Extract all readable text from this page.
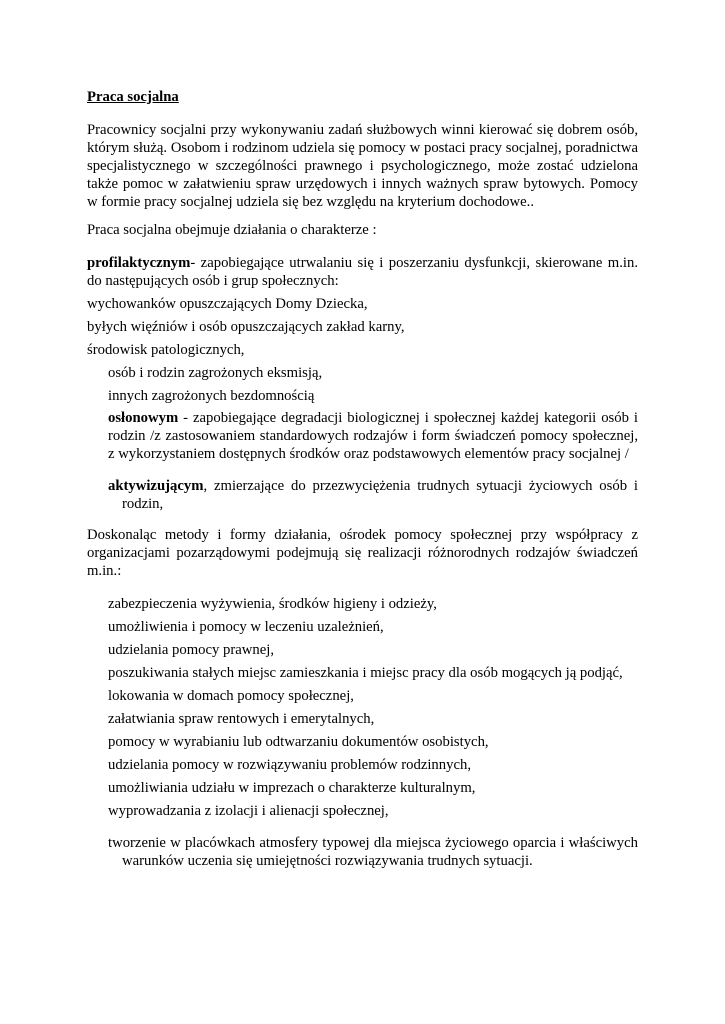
Praca socjalna
Pracownicy socjalni przy wykonywaniu zadań służbowych winni kierować się dobrem osób, którym służą. Osobom i rodzinom udziela się pomocy w postaci pracy socjalnej, poradnictwa specjalistycznego w szczególności prawnego i psychologicznego, może zostać udzielona także pomoc w załatwieniu spraw urzędowych i innych ważnych spraw bytowych. Pomocy w formie pracy socjalnej udziela się bez względu na kryterium dochodowe..
Praca socjalna obejmuje działania o charakterze :
profilaktycznym- zapobiegające utrwalaniu się i poszerzaniu dysfunkcji, skierowane m.in. do następujących osób i grup społecznych:
wychowanków opuszczających Domy Dziecka,
byłych więźniów i osób opuszczających zakład karny,
środowisk patologicznych,
osób i rodzin zagrożonych eksmisją,
innych zagrożonych bezdomnością
osłonowym - zapobiegające degradacji biologicznej i społecznej każdej kategorii osób i rodzin /z zastosowaniem standardowych rodzajów i form świadczeń pomocy społecznej, z wykorzystaniem dostępnych środków oraz podstawowych elementów pracy socjalnej /
aktywizującym, zmierzające do przezwyciężenia trudnych sytuacji życiowych osób i rodzin,
Doskonaląc metody i formy działania, ośrodek pomocy społecznej przy współpracy z organizacjami pozarządowymi podejmują się realizacji różnorodnych rodzajów świadczeń m.in.:
zabezpieczenia wyżywienia, środków higieny i odzieży,
umożliwienia i pomocy w leczeniu uzależnień,
udzielania pomocy prawnej,
poszukiwania stałych miejsc zamieszkania i miejsc pracy dla osób mogących ją podjąć,
lokowania w domach pomocy społecznej,
załatwiania spraw rentowych i emerytalnych,
pomocy w wyrabianiu lub odtwarzaniu dokumentów osobistych,
udzielania pomocy w rozwiązywaniu problemów rodzinnych,
umożliwiania udziału w imprezach o charakterze kulturalnym,
wyprowadzania z izolacji i alienacji społecznej,
tworzenie w placówkach atmosfery typowej dla miejsca życiowego oparcia i właściwych warunków uczenia się umiejętności rozwiązywania trudnych sytuacji.
